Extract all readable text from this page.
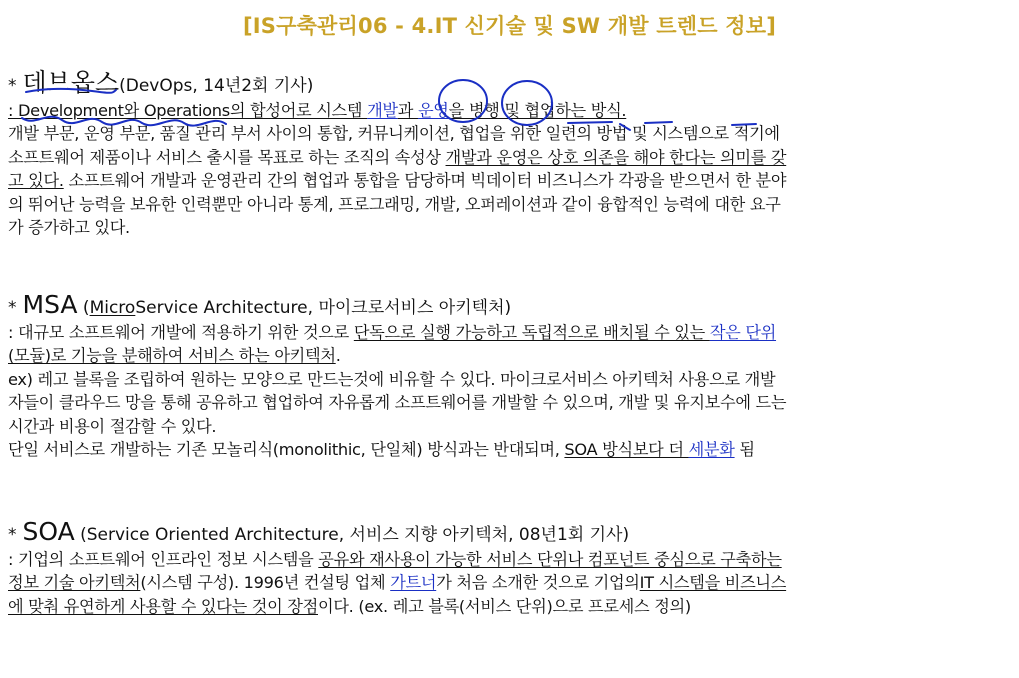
[IS구축관리06 - 4.IT 신기술 및 SW 개발 트렌드 정보]
* 데브옵스(DevOps, 14년2회 기사)
: Development와 Operations의 합성어로 시스템 개발과 운영을 병행 및 협업하는 방식.
개발 부문, 운영 부문, 품질 관리 부서 사이의 통합, 커뮤니케이션, 협업을 위한 일련의 방법 및 시스템으로 적기에
소프트웨어 제품이나 서비스 출시를 목표로 하는 조직의 속성상 개발과 운영은 상호 의존을 해야 한다는 의미를 갖
고 있다. 소프트웨어 개발과 운영관리 간의 협업과 통합을 담당하며 빅데이터 비즈니스가 각광을 받으면서 한 분야
의 뛰어난 능력을 보유한 인력뿐만 아니라 통계, 프로그래밍, 개발, 오퍼레이션과 같이 융합적인 능력에 대한 요구
가 증가하고 있다.
* MSA (MicroService Architecture, 마이크로서비스 아키텍처)
: 대규모 소프트웨어 개발에 적용하기 위한 것으로 단독으로 실행 가능하고 독립적으로 배치될 수 있는 작은 단위
(모듈)로 기능을 분해하여 서비스 하는 아키텍처.
ex) 레고 블록을 조립하여 원하는 모양으로 만드는것에 비유할 수 있다. 마이크로서비스 아키텍처 사용으로 개발
자들이 클라우드 망을 통해 공유하고 협업하여 자유롭게 소프트웨어를 개발할 수 있으며, 개발 및 유지보수에 드는
시간과 비용이 절감할 수 있다.
단일 서비스로 개발하는 기존 모놀리식(monolithic, 단일체) 방식과는 반대되며, SOA 방식보다 더 세분화 됨
* SOA (Service Oriented Architecture, 서비스 지향 아키텍처, 08년1회 기사)
: 기업의 소프트웨어 인프라인 정보 시스템을 공유와 재사용이 가능한 서비스 단위나 컴포넌트 중심으로 구축하는
정보 기술 아키텍처(시스템 구성). 1996년 컨설팅 업체 가트너가 처음 소개한 것으로 기업의IT 시스템을 비즈니스
에 맞춰 유연하게 사용할 수 있다는 것이 장점이다. (ex. 레고 블록(서비스 단위)으로 프로세스 정의)
